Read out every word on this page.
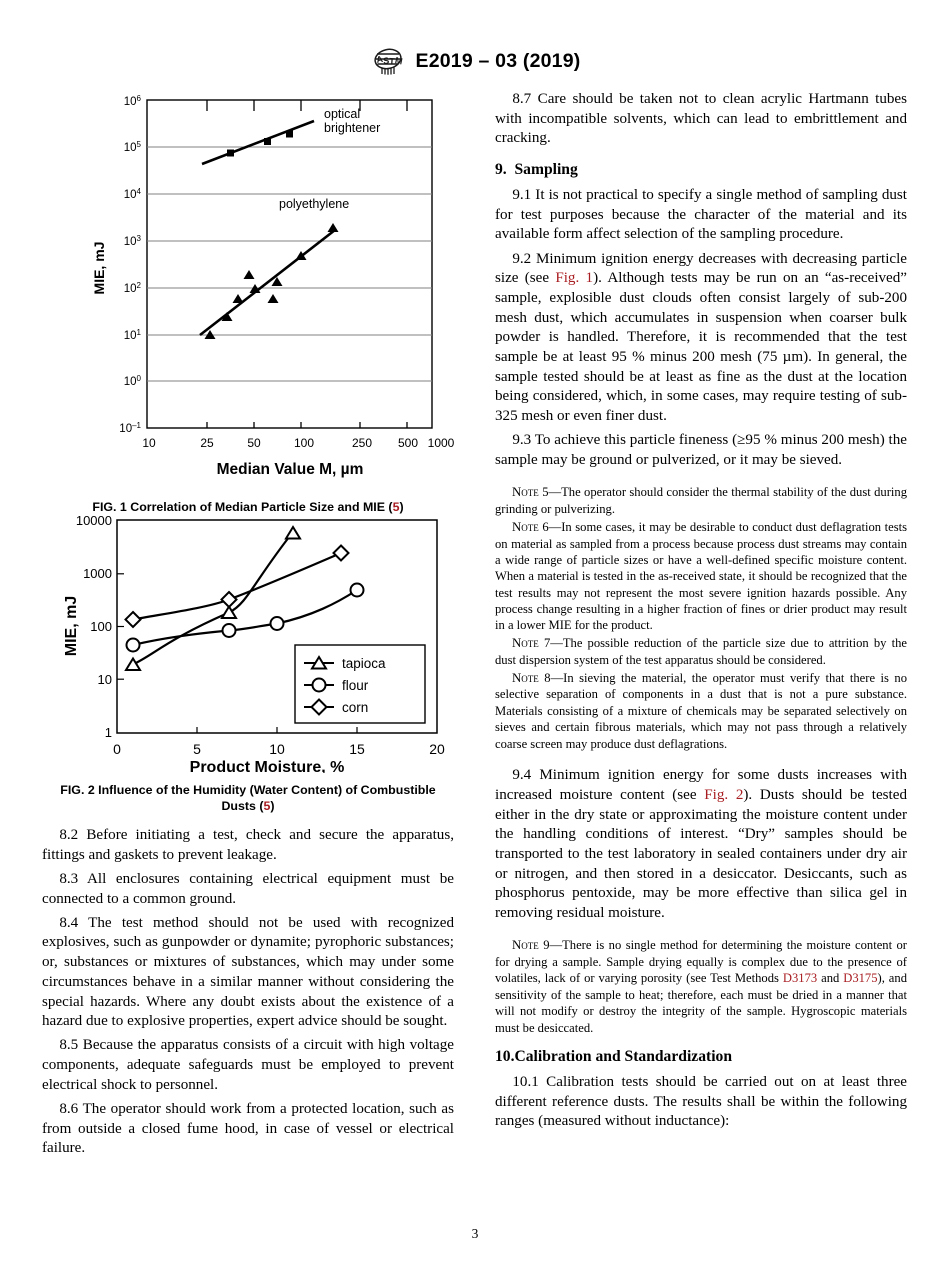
A
S T M E2019 – 03 (2019)
$10^6$
$10^5$
$10^4$
$10^3$
$10^2$
$10^1$
$10^0$
$10^{-1}$
10	25	50	100	250 500 1000
MIE, mJ
Median Value M, µm
optical
brightener
polyethylene
FIG. 1 Correlation of Median Particle Size and MIE (5)
10000
1000
100
10
1
0	5	10	15	20
MIE, mJ
tapioca
flour
corn
Product Moisture, %
FIG. 2 Influence of the Humidity (Water Content) of Combustible
Dusts (5)

8.2 Before initiating a test, check and secure the apparatus, fittings and gaskets to prevent leakage.

8.3 All enclosures containing electrical equipment must be connected to a common ground.

8.4 The test method should not be used with recognized explosives, such as gunpowder or dynamite; pyrophoric substances; or, substances or mixtures of substances, which may under some circumstances behave in a similar manner without considering the special hazards. Where any doubt exists about the existence of a hazard due to explosive properties, expert advice should be sought.

8.5 Because the apparatus consists of a circuit with high voltage components, adequate safeguards must be employed to prevent electrical shock to personnel.

8.6 The operator should work from a protected location, such as from outside a closed fume hood, in case of vessel or electrical failure.

8.7 Care should be taken not to clean acrylic Hartmann tubes with incompatible solvents, which can lead to embrittlement and cracking.

9. Sampling

9.1 It is not practical to specify a single method of sampling dust for test purposes because the character of the material and its available form affect selection of the sampling procedure.

9.2 Minimum ignition energy decreases with decreasing particle size (see Fig. 1). Although tests may be run on an “as-received” sample, explosible dust clouds often consist largely of sub-200 mesh dust, which accumulates in suspension when coarser bulk powder is handled. Therefore, it is recommended that the test sample be at least 95 % minus 200 mesh (75 µm). In general, the sample tested should be at least as fine as the dust at the location being considered, which, in some cases, may require testing of sub-325 mesh or even finer dust.

9.3 To achieve this particle fineness (≥95 % minus 200 mesh) the sample may be ground or pulverized, or it may be sieved.

Note 5—The operator should consider the thermal stability of the dust during grinding or pulverizing.

Note 6—In some cases, it may be desirable to conduct dust deflagration tests on material as sampled from a process because process dust streams may contain a wide range of particle sizes or have a well-defined specific moisture content. When a material is tested in the as-received state, it should be recognized that the test results may not represent the most severe ignition hazards possible. Any process change resulting in a higher fraction of fines or drier product may result in a lower MIE for the product.

Note 7—The possible reduction of the particle size due to attrition by the dust dispersion system of the test apparatus should be considered.

Note 8—In sieving the material, the operator must verify that there is no selective separation of components in a dust that is not a pure substance. Materials consisting of a mixture of chemicals may be separated selectively on sieves and certain fibrous materials, which may not pass through a relatively coarse screen may produce dust deflagrations.

9.4 Minimum ignition energy for some dusts increases with increased moisture content (see Fig. 2). Dusts should be tested either in the dry state or approximating the moisture content under the handling conditions of interest. “Dry” samples should be transported to the test laboratory in sealed containers under dry air or nitrogen, and then stored in a desiccator. Desiccants, such as phosphorus pentoxide, may be more effective than silica gel in removing residual moisture.

Note 9—There is no single method for determining the moisture content or for drying a sample. Sample drying equally is complex due to the presence of volatiles, lack of or varying porosity (see Test Methods D3173 and D3175), and sensitivity of the sample to heat; therefore, each must be dried in a manner that will not modify or destroy the integrity of the sample. Hygroscopic materials must be desiccated.

10.Calibration and Standardization

10.1 Calibration tests should be carried out on at least three different reference dusts. The results shall be within the following ranges (measured without inductance):

3
